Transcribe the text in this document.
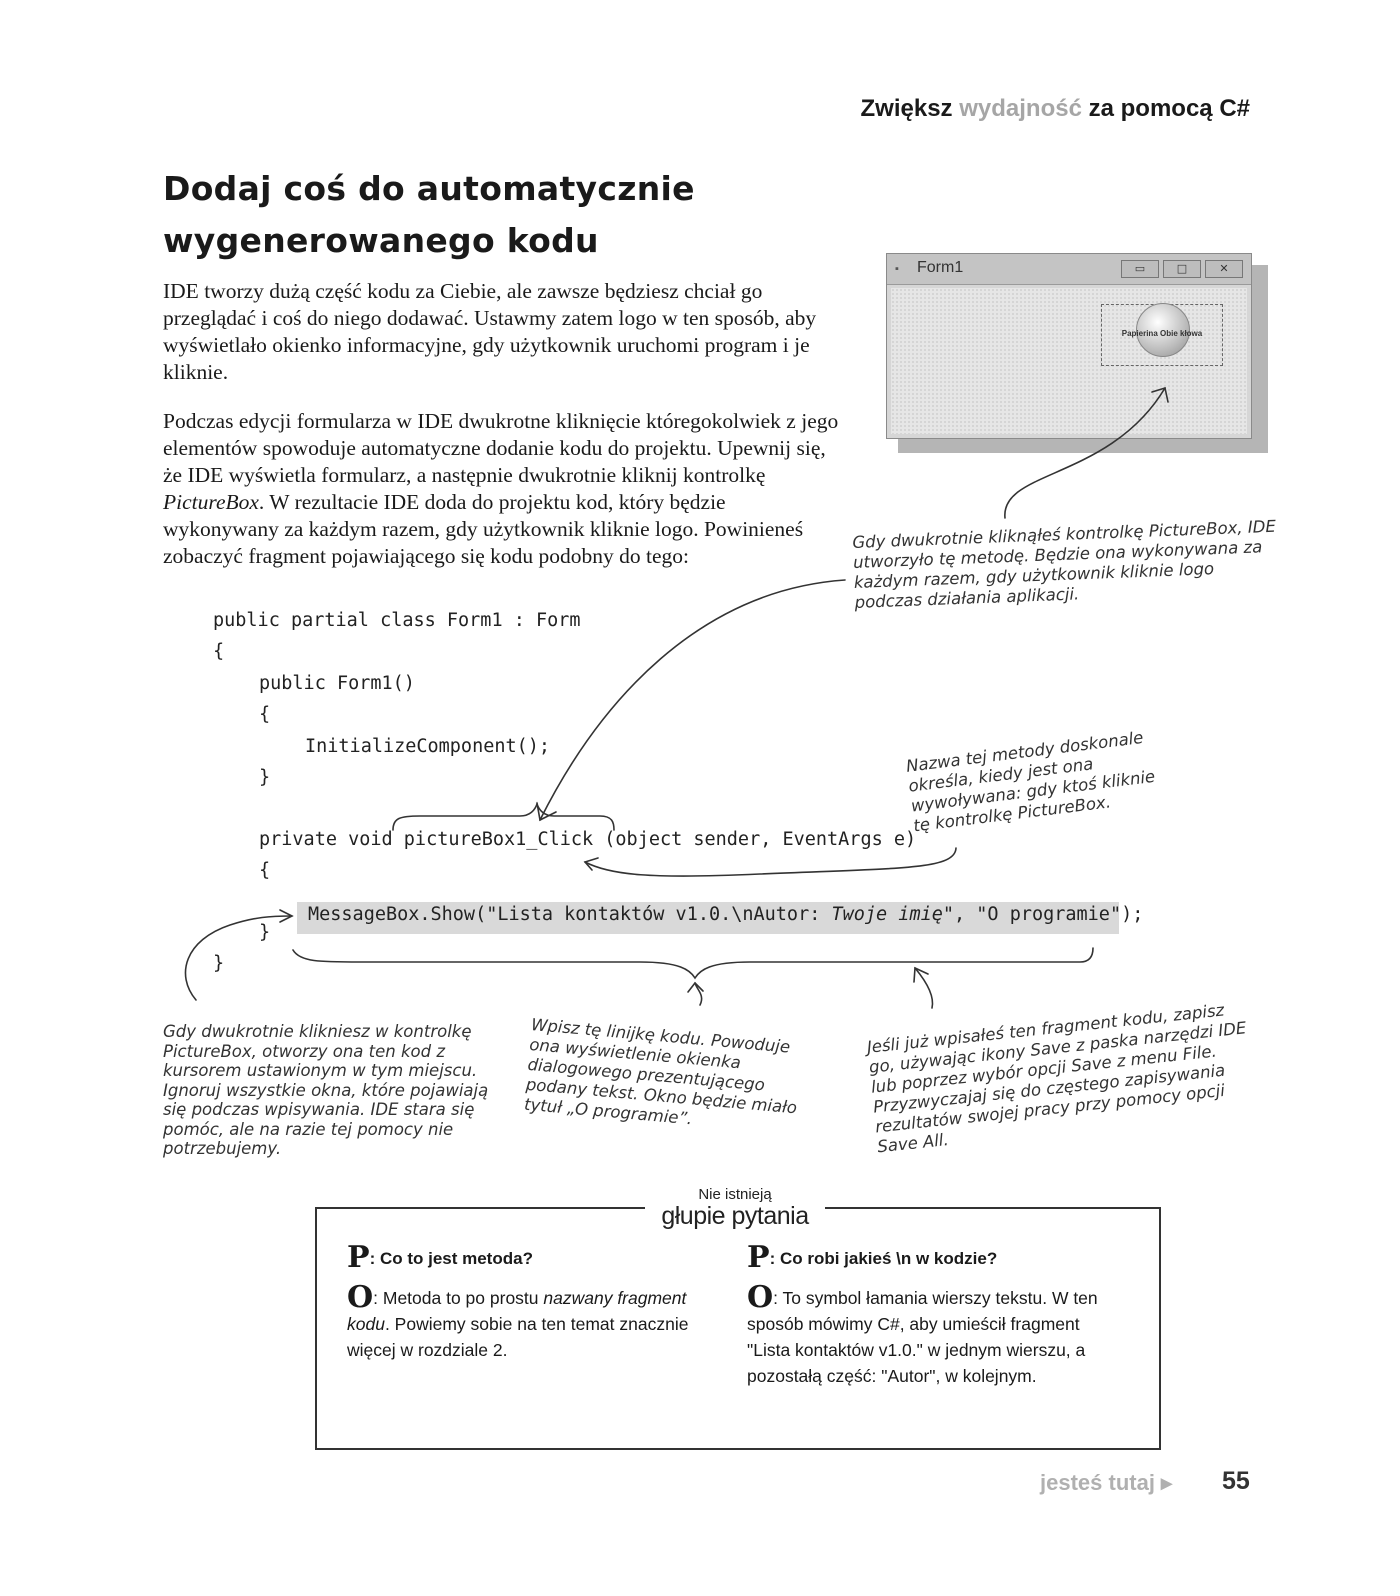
Zwiększ wydajność za pomocą C#
Dodaj coś do automatycznie
wygenerowanego kodu

IDE tworzy dużą część kodu za Ciebie, ale zawsze będziesz chciał go przeglądać i coś do niego dodawać. Ustawmy zatem logo w ten sposób, aby wyświetlało okienko informacyjne, gdy użytkownik uruchomi program i je kliknie.

Podczas edycji formularza w IDE dwukrotne kliknięcie któregokolwiek z jego elementów spowoduje automatyczne dodanie kodu do projektu. Upewnij się, że IDE wyświetla formularz, a następnie dwukrotnie kliknij kontrolkę PictureBox. W rezultacie IDE doda do projektu kod, który będzie wykonywany za każdym razem, gdy użytkownik kliknie logo. Powinieneś zobaczyć fragment pojawiającego się kodu podobny do tego:

▪ Form1	▭	□	✕
Papierina Obie kłowa
public partial class Form1 : Form
{
public Form1()
{
InitializeComponent();
}
private void pictureBox1_Click (object sender, EventArgs e)
{
MessageBox.Show("Lista kontaktów v1.0.\nAutor: Twoje imię", "O programie");
}
}

Gdy dwukrotnie kliknąłeś kontrolkę PictureBox, IDE utworzyło tę metodę. Będzie ona wykonywana za każdym razem, gdy użytkownik kliknie logo podczas działania aplikacji.

Nazwa tej metody doskonale określa, kiedy jest ona wywoływana: gdy ktoś kliknie tę kontrolkę PictureBox.

Gdy dwukrotnie klikniesz w kontrolkę PictureBox, otworzy ona ten kod z kursorem ustawionym w tym miejscu. Ignoruj wszystkie okna, które pojawiają się podczas wpisywania. IDE stara się pomóc, ale na razie tej pomocy nie potrzebujemy.

Wpisz tę linijkę kodu. Powoduje ona wyświetlenie okienka dialogowego prezentującego podany tekst. Okno będzie miało tytuł „O programie”.

Jeśli już wpisałeś ten fragment kodu, zapisz go, używając ikony Save z paska narzędzi IDE lub poprzez wybór opcji Save z menu File. Przyzwyczajaj się do częstego zapisywania rezultatów swojej pracy przy pomocy opcji Save All.

P: Co to jest metoda?

O: Metoda to po prostu nazwany fragment kodu. Powiemy sobie na ten temat znacznie więcej w rozdziale 2.

P: Co robi jakieś \n w kodzie?

O: To symbol łamania wierszy tekstu. W ten sposób mówimy C#, aby umieścił fragment "Lista kontaktów v1.0." w jednym wierszu, a pozostałą część: "Autor", w kolejnym.

Nie istnieją
głupie pytania
jesteś tutaj ▸ 55
